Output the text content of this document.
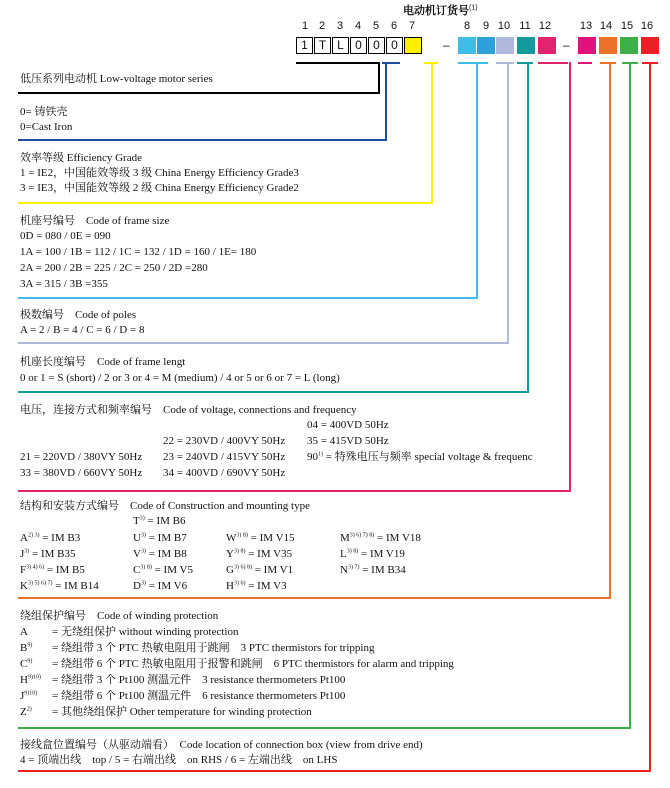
电动机订货号$^{(1)}$
1 2	3	4	5	6	7	8	9 10 11 12	13 14 15 16
1 T L 0 0 0	–	–
低压系列电动机 Low-voltage motor series
0= 铸铁壳
0=Cast Iron
效率等级 Efficiency Grade
1 = IE2，中国能效等级 3 级 China Energy Efficiency Grade3
3 = IE3，中国能效等级 2 级 China Energy Efficiency Grade2
机座号编号　Code of frame size
0D = 080 / 0E = 090
1A = 100 / 1B = 112 / 1C = 132 / 1D = 160 / 1E= 180
2A = 200 / 2B = 225 / 2C = 250 / 2D =280
3A = 315 / 3B =355
极数编号　Code of poles
A = 2 / B = 4 / C = 6 / D = 8
机座长度编号　Code of frame lengt
0 or 1 = S (short) / 2 or 3 or 4 = M (medium) / 4 or 5 or 6 or 7 = L (long)
电压，连接方式和频率编号　Code of voltage, connections and frequency
04 = 400VD 50Hz
22 = 230VD / 400VY 50Hz 35 = 415VD 50Hz
21 = 220VD / 380VY 50Hz 23 = 240VD / 415VY 50Hz $90^{1)}$ = 特殊电压与频率 special voltage & frequenc
33 = 380VD / 660VY 50Hz 34 = 400VD / 690VY 50Hz
结构和安装方式编号　Code of Construction and mounting type
$T^{3)}$ = IM B6
$A^{2) 3)}$ = IM B3	$U^{3)}$ = IM B7	$W^{3) 8)}$ = IM V15	$M^{3) 6) 7) 8)}$ = IM V18
$J^{3)}$ = IM B35	$V^{3)}$ = IM B8	$Y^{3) 8)}$ = IM V35	$L^{3) 8)}$ = IM V19
$F^{3) 4) 6)}$ = IM B5	$C^{3) 8)}$ = IM V5	$G^{3) 6) 8)}$ = IM V1	$N^{3) 7)}$ = IM B34
$K^{3) 5) 6) 7)}$ = IM B14	$D^{3)}$ = IM V6	$H^{3) 6)}$ = IM V3
绕组保护编号　Code of winding protection
A = 无绕组保护 without winding protection
$B^{9)}$ = 绕组带 3 个 PTC 热敏电阻用于跳闸　3 PTC thermistors for tripping
$C^{9)}$ = 绕组带 6 个 PTC 热敏电阻用于报警和跳闸　6 PTC thermistors for alarm and tripping
$H^{9)10)}$ = 绕组带 3 个 Pt100 测温元件　3 resistance thermometers Pt100
$J^{9)10)}$ = 绕组带 6 个 Pt100 测温元件　6 resistance thermometers Pt100
$Z^{2)}$ = 其他绕组保护 Other temperature for winding protection
接线盒位置编号（从驱动端看）　Code location of connection box (view from drive end)
4 = 顶端出线　top / 5 = 右端出线　on RHS / 6 = 左端出线　on LHS
